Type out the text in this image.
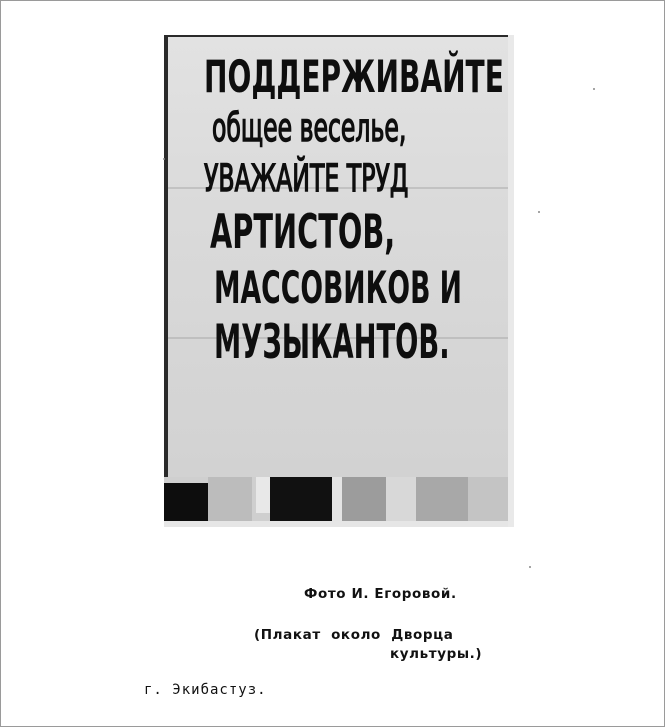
ПОДДЕРЖИВАЙТЕ
общее веселье,
УВАЖАЙТЕ ТРУД
АРТИСТОВ,
МАССОВИКОВ И
МУЗЫКАНТОВ.

Фото И. Егоровой.

(Плакат около Дворца

культуры.)

г. Экибастуз.
